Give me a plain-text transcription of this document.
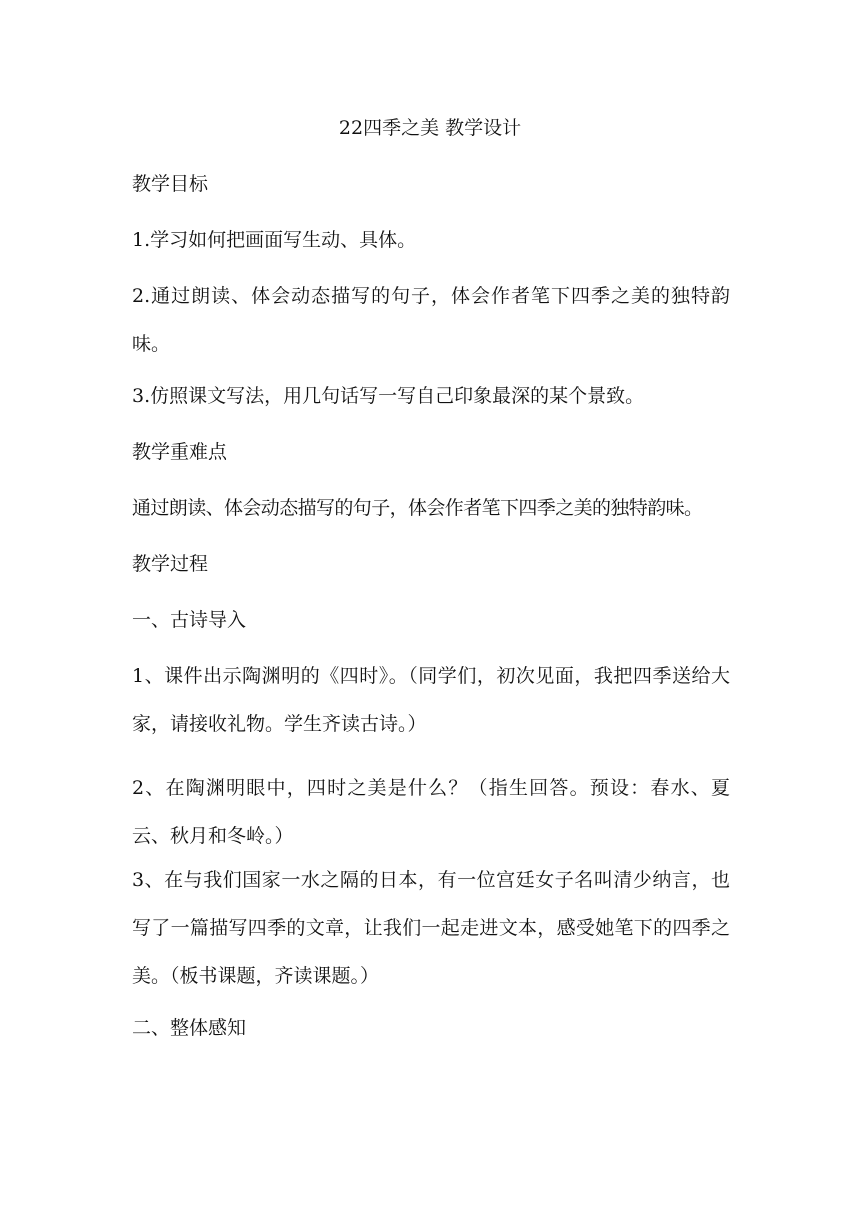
22四季之美 教学设计

教学目标

1.学习如何把画面写生动、具体。

2.通过朗读、体会动态描写的句子，体会作者笔下四季之美的独特韵味。

3.仿照课文写法，用几句话写一写自己印象最深的某个景致。

教学重难点

通过朗读、体会动态描写的句子，体会作者笔下四季之美的独特韵味。

教学过程

一、古诗导入

1、课件出示陶渊明的《四时》。（同学们，初次见面，我把四季送给大家，请接收礼物。学生齐读古诗。）

2、在陶渊明眼中，四时之美是什么？（指生回答。预设：春水、夏云、秋月和冬岭。）

3、在与我们国家一水之隔的日本，有一位宫廷女子名叫清少纳言，也写了一篇描写四季的文章，让我们一起走进文本，感受她笔下的四季之美。（板书课题，齐读课题。）

二、整体感知
